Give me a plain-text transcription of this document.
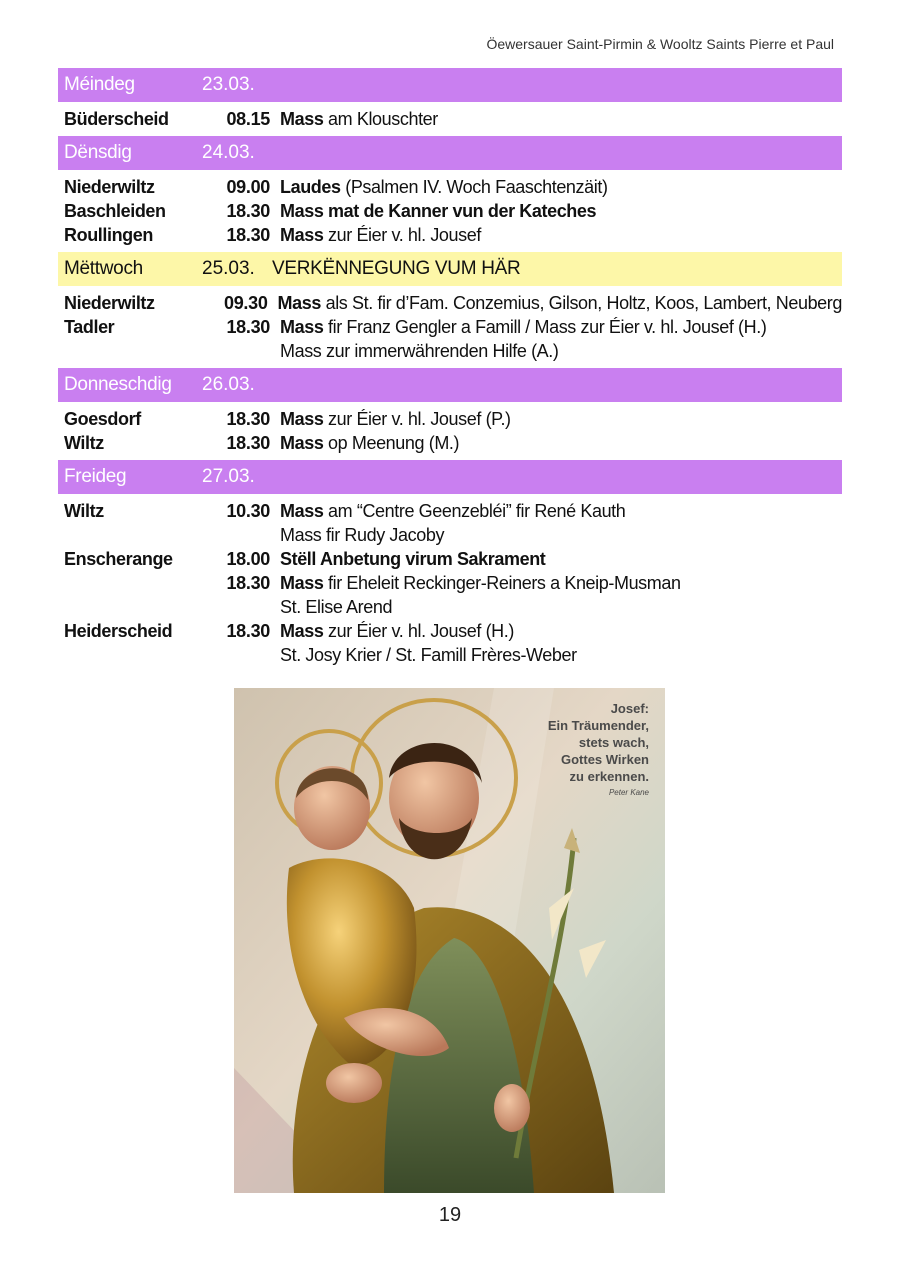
Öewersauer Saint-Pirmin & Wooltz Saints Pierre et Paul
Méindeg	23.03.
Büderscheid	08.15 Mass am Klouschter
Dënsdig	24.03.
Niederwiltz	09.00 Laudes (Psalmen IV. Woch Faaschtenzäit)
Baschleiden	18.30 Mass mat de Kanner vun der Kateches
Roullingen	18.30 Mass zur Éier v. hl. Jousef
Mëttwoch	25.03. VERKËNNEGUNG VUM HÄR
Niederwiltz	09.30 Mass als St. fir d’Fam. Conzemius, Gilson, Holtz, Koos, Lambert, Neuberg
Tadler	18.30 Mass fir Franz Gengler a Famill / Mass zur Éier v. hl. Jousef (H.)
Mass zur immerwährenden Hilfe (A.)
Donneschdig	26.03.
Goesdorf	18.30 Mass zur Éier v. hl. Jousef (P.)
Wiltz	18.30 Mass op Meenung (M.)
Freideg	27.03.
Wiltz	10.30 Mass am “Centre Geenzebléi” fir René Kauth
Mass fir Rudy Jacoby
Enscherange	18.00 Stëll Anbetung virum Sakrament
18.30 Mass fir Eheleit Reckinger-Reiners a Kneip-Musman
St. Elise Arend
Heiderscheid	18.30 Mass zur Éier v. hl. Jousef (H.)
St. Josy Krier / St. Famill Frères-Weber
Josef:
Ein Träumender,
stets wach,
Gottes Wirken
zu erkennen.
Peter Kane
19
